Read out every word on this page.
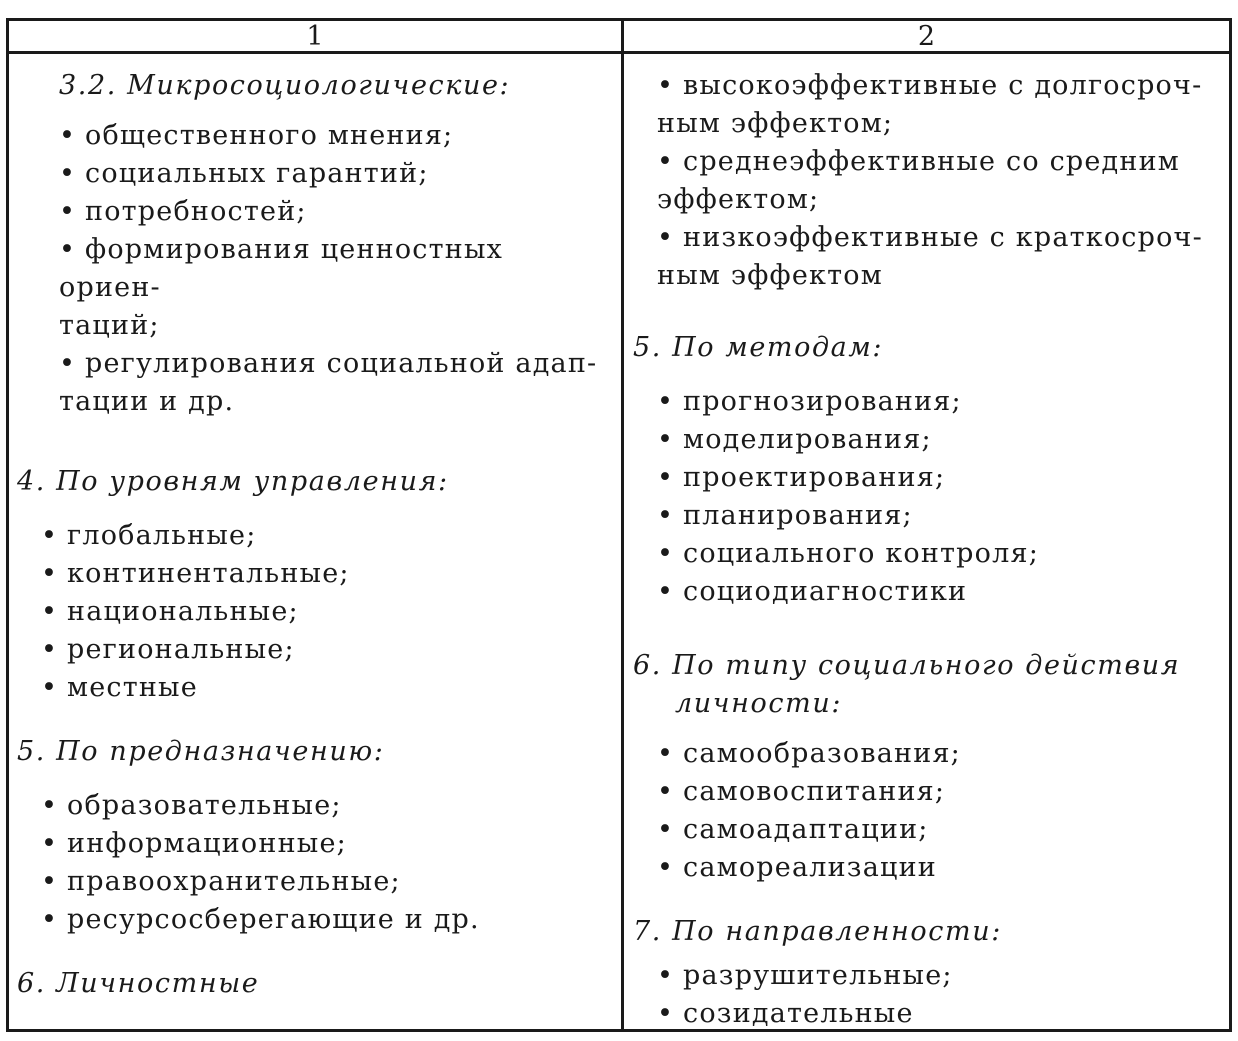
1	2

3.2. Микросоциологические:

• общественного мнения;
• социальных гарантий;
• потребностей;
• формирования ценностных ориен-
таций;
• регулирования социальной адап-
тации и др.

4. По уровням управления:

• глобальные;
• континентальные;
• национальные;
• региональные;
• местные

5. По предназначению:

• образовательные;
• информационные;
• правоохранительные;
• ресурсосберегающие и др.

6. Личностные

• высокоэффективные с долгосроч-
ным эффектом;
• среднеэффективные со средним
эффектом;
• низкоэффективные с краткосроч-
ным эффектом

5. По методам:

• прогнозирования;
• моделирования;
• проектирования;
• планирования;
• социального контроля;
• социодиагностики

6. По типу социального действия

личности:

• самообразования;
• самовоспитания;
• самоадаптации;
• самореализации

7. По направленности:

• разрушительные;
• созидательные
